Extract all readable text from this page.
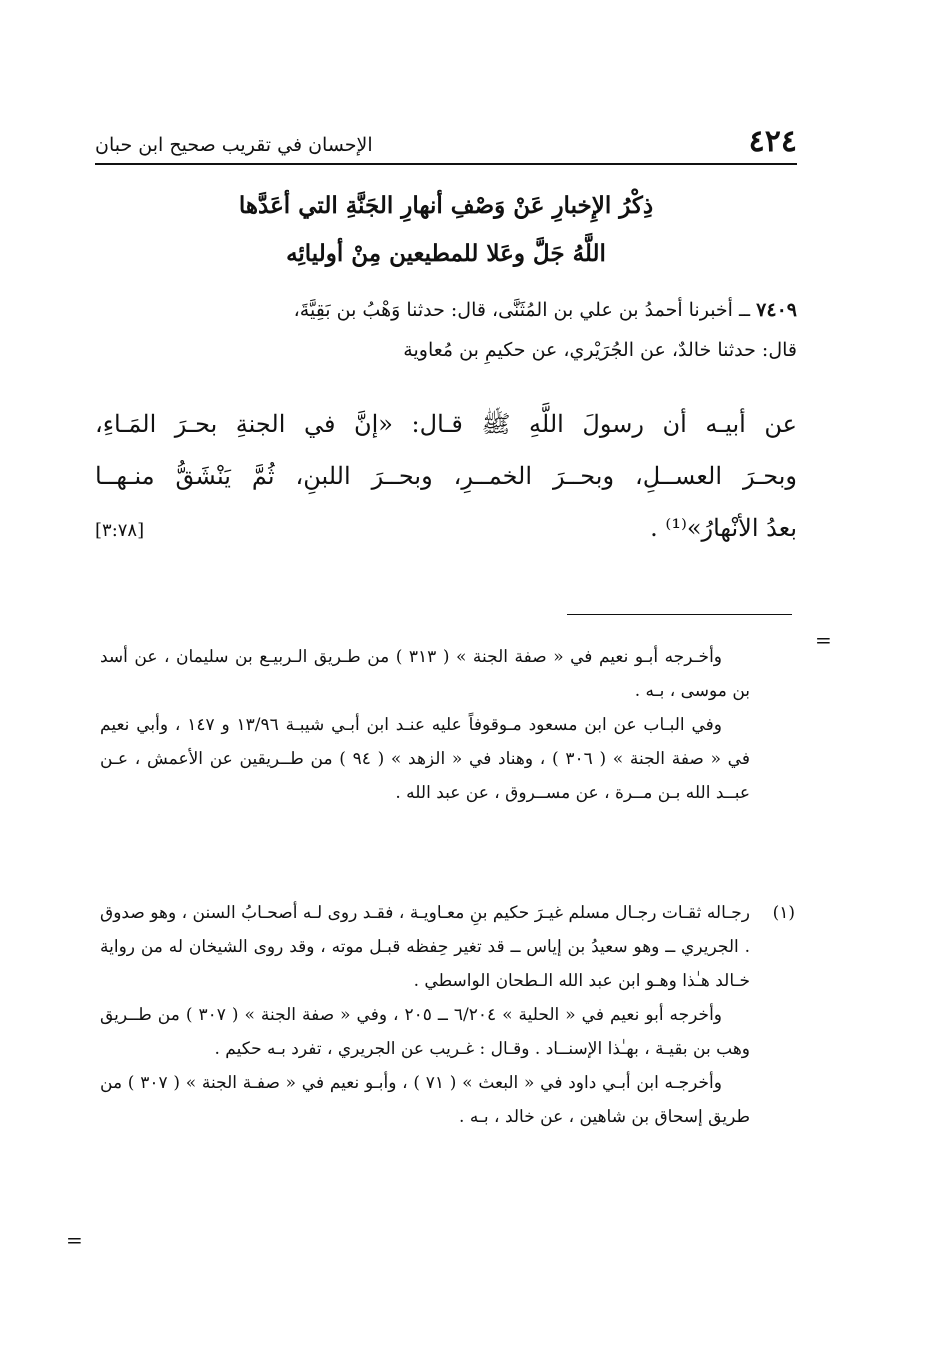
٤٢٤
الإحسان في تقريب صحيح ابن حبان
ذِكْرُ الإِخبارِ عَنْ وَصْفِ أنهارِ الجَنَّةِ التي أعَدَّها
اللَّهُ جَلَّ وعَلا للمطيعين مِنْ أوليائِه
٧٤٠٩ ــ أخبرنا أحمدُ بن علي بن المُثَنَّى، قال: حدثنا وَهْبُ بن بَقِيَّةَ،
قال: حدثنا خالدٌ، عن الجُرَيْري، عن حكيمِ بن مُعاوية
عن أبيـه أن رسولَ اللَّهِ ﷺ قـال: «إنَّ في الجنةِ بحـرَ المَـاءِ،
وبحـرَ العســلِ، وبحــرَ الخمــرِ، وبحــرَ اللبنِ، ثُمَّ يَنْشَقُّ منـهــا
بعدُ الأنْهارُ»⁽¹⁾ .
[٣:٧٨]
=

وأخـرجه أبـو نعيم في « صفة الجنة » ( ٣١٣ ) من طـريق الـربيـع بن سليمان ، عن أسد بن موسى ، بـه .

وفي البـاب عن ابن مسعود مـوقوفاً عليه عنـد ابن أبـي شيبـة ١٣/٩٦ و ١٤٧ ، وأبي نعيم في « صفة الجنة » ( ٣٠٦ ) ، وهناد في « الزهد » ( ٩٤ ) من طــريقين عن الأعمش ، عـن عبــد الله بـن مــرة ، عن مســروق ، عن عبد الله .

(١)

رجـاله ثقـات رجـال مسلم غيـرَ حكيم بنِ معـاويـة ، فقـد روى لـه أصحـابُ السنن ، وهو صدوق . الجريري ــ وهو سعيدُ بن إياس ــ قد تغير حِفظه قبـل موته ، وقد روى الشيخان له من رواية خـالد هـٰذا وهـو ابن عبد الله الـطحان الواسطي .

وأخرجه أبو نعيم في « الحلية » ٦/٢٠٤ ــ ٢٠٥ ، وفي « صفة الجنة » ( ٣٠٧ ) من طــريق وهب بن بقيـة ، بهـٰذا الإسنــاد . وقـال : غـريب عن الجريري ، تفرد بـه حكيم .

وأخرجـه ابن أبـي داود في « البعث » ( ٧١ ) ، وأبـو نعيم في « صفـة الجنة » ( ٣٠٧ ) من طريق إسحاق بن شاهين ، عن خالد ، بـه .

=
